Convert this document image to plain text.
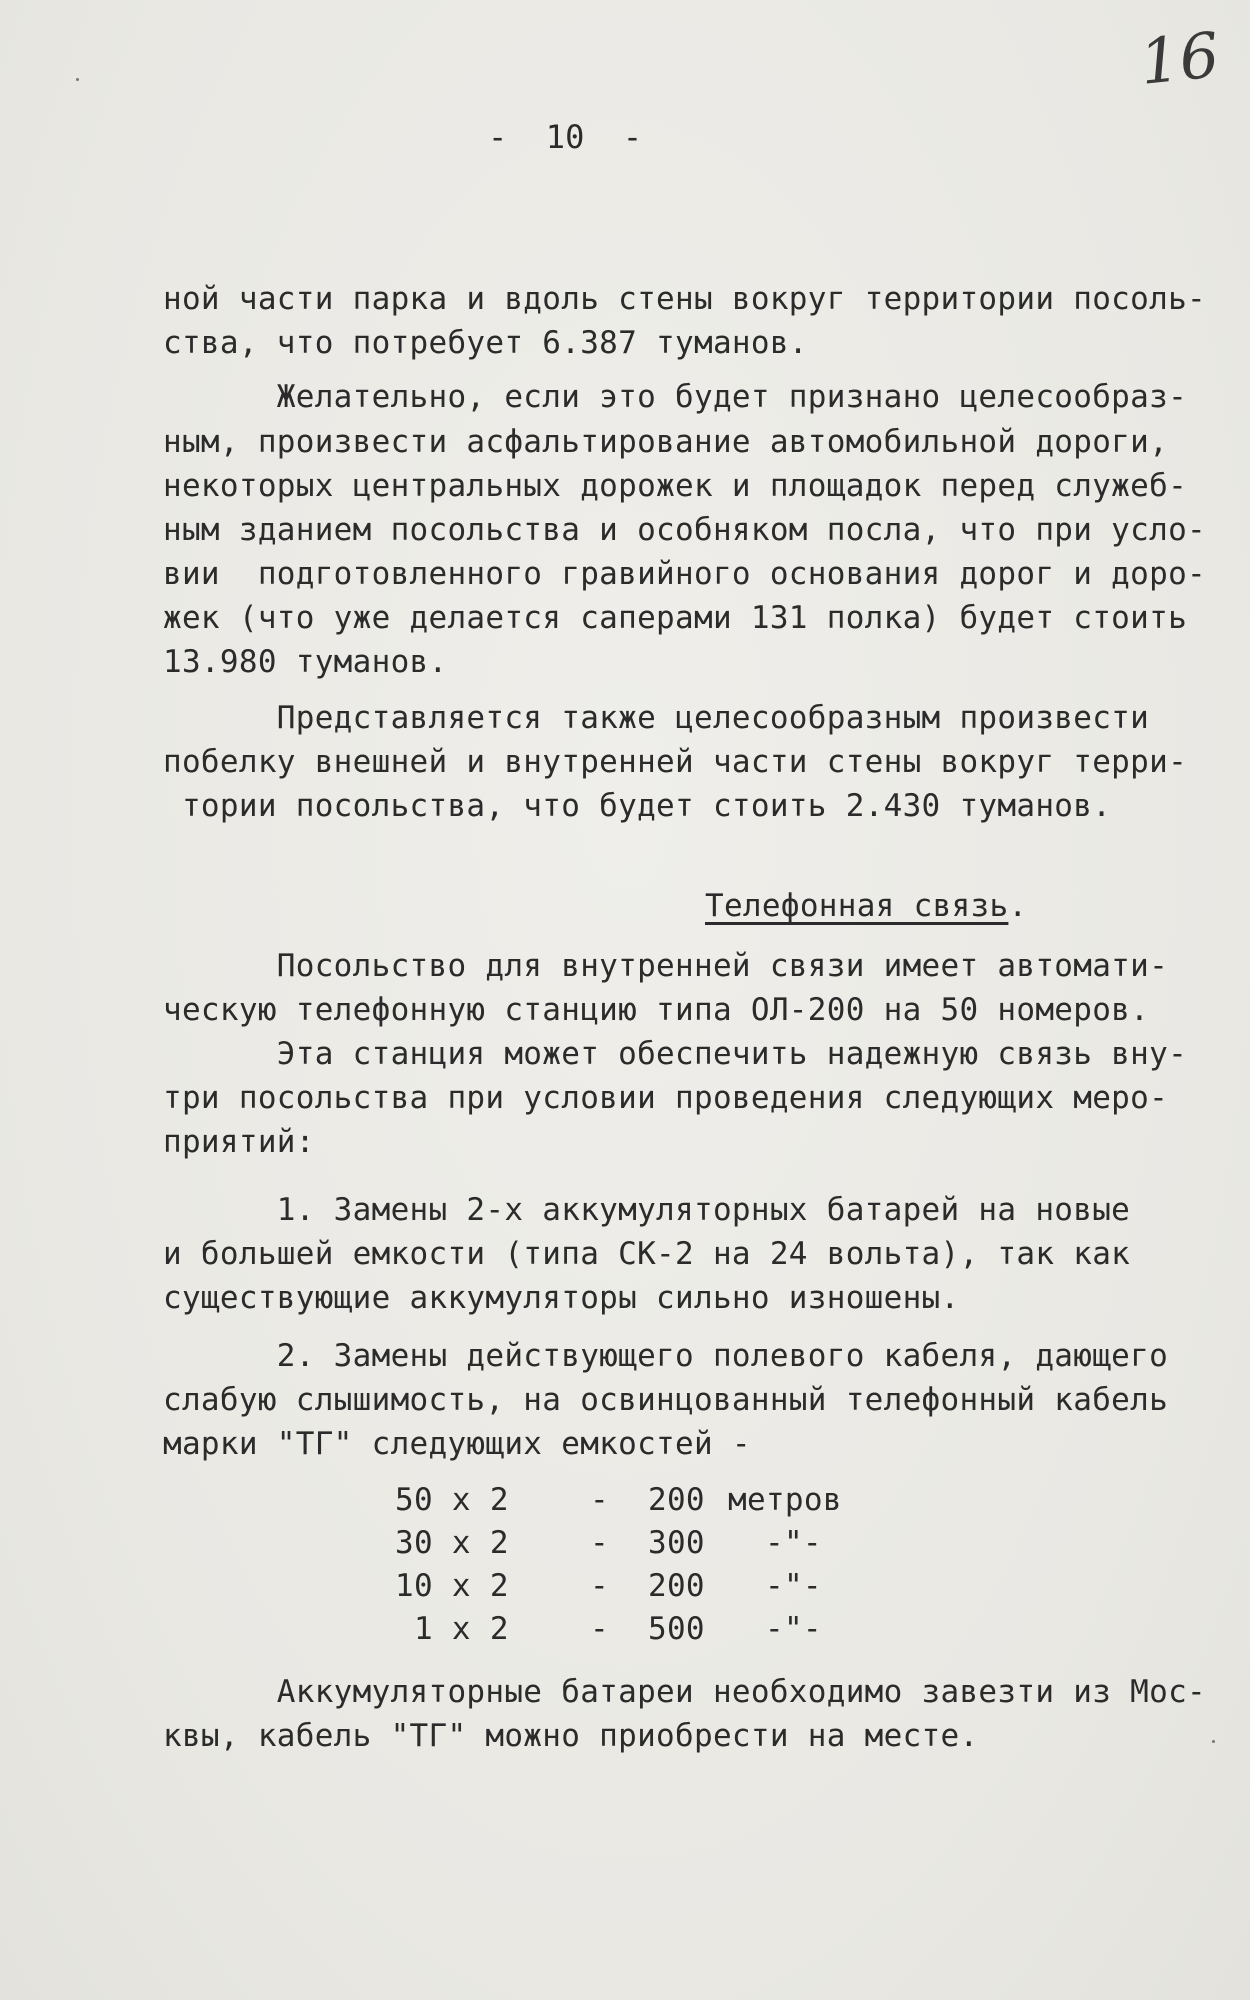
16
-  10  -
ной части парка и вдоль стены вокруг территории посоль-
ства, что потребует 6.387 туманов.
Желательно, если это будет признано целесообраз-
ным, произвести асфальтирование автомобильной дороги,
некоторых центральных дорожек и площадок перед служеб-
ным зданием посольства и особняком посла, что при усло-
вии  подготовленного гравийного основания дорог и доро-
жек (что уже делается саперами 131 полка) будет стоить
13.980 туманов.
Представляется также целесообразным произвести
побелку внешней и внутренней части стены вокруг терри-
тории посольства, что будет стоить 2.430 туманов.
Телефонная связь.
Посольство для внутренней связи имеет автомати-
ческую телефонную станцию типа ОЛ-200 на 50 номеров.
Эта станция может обеспечить надежную связь вну-
три посольства при условии проведения следующих меро-
приятий:
1. Замены 2-х аккумуляторных батарей на новые
и большей емкости (типа СК-2 на 24 вольта), так как
существующие аккумуляторы сильно изношены.
2. Замены действующего полевого кабеля, дающего
слабую слышимость, на освинцованный телефонный кабель
марки "ТГ" следующих емкостей -
50 х 2	- 200 метров
30 х 2	- 300 -"-
10 х 2	- 200 -"-
1 х 2	- 500 -"-
Аккумуляторные батареи необходимо завезти из Мос-
квы, кабель "ТГ" можно приобрести на месте.
